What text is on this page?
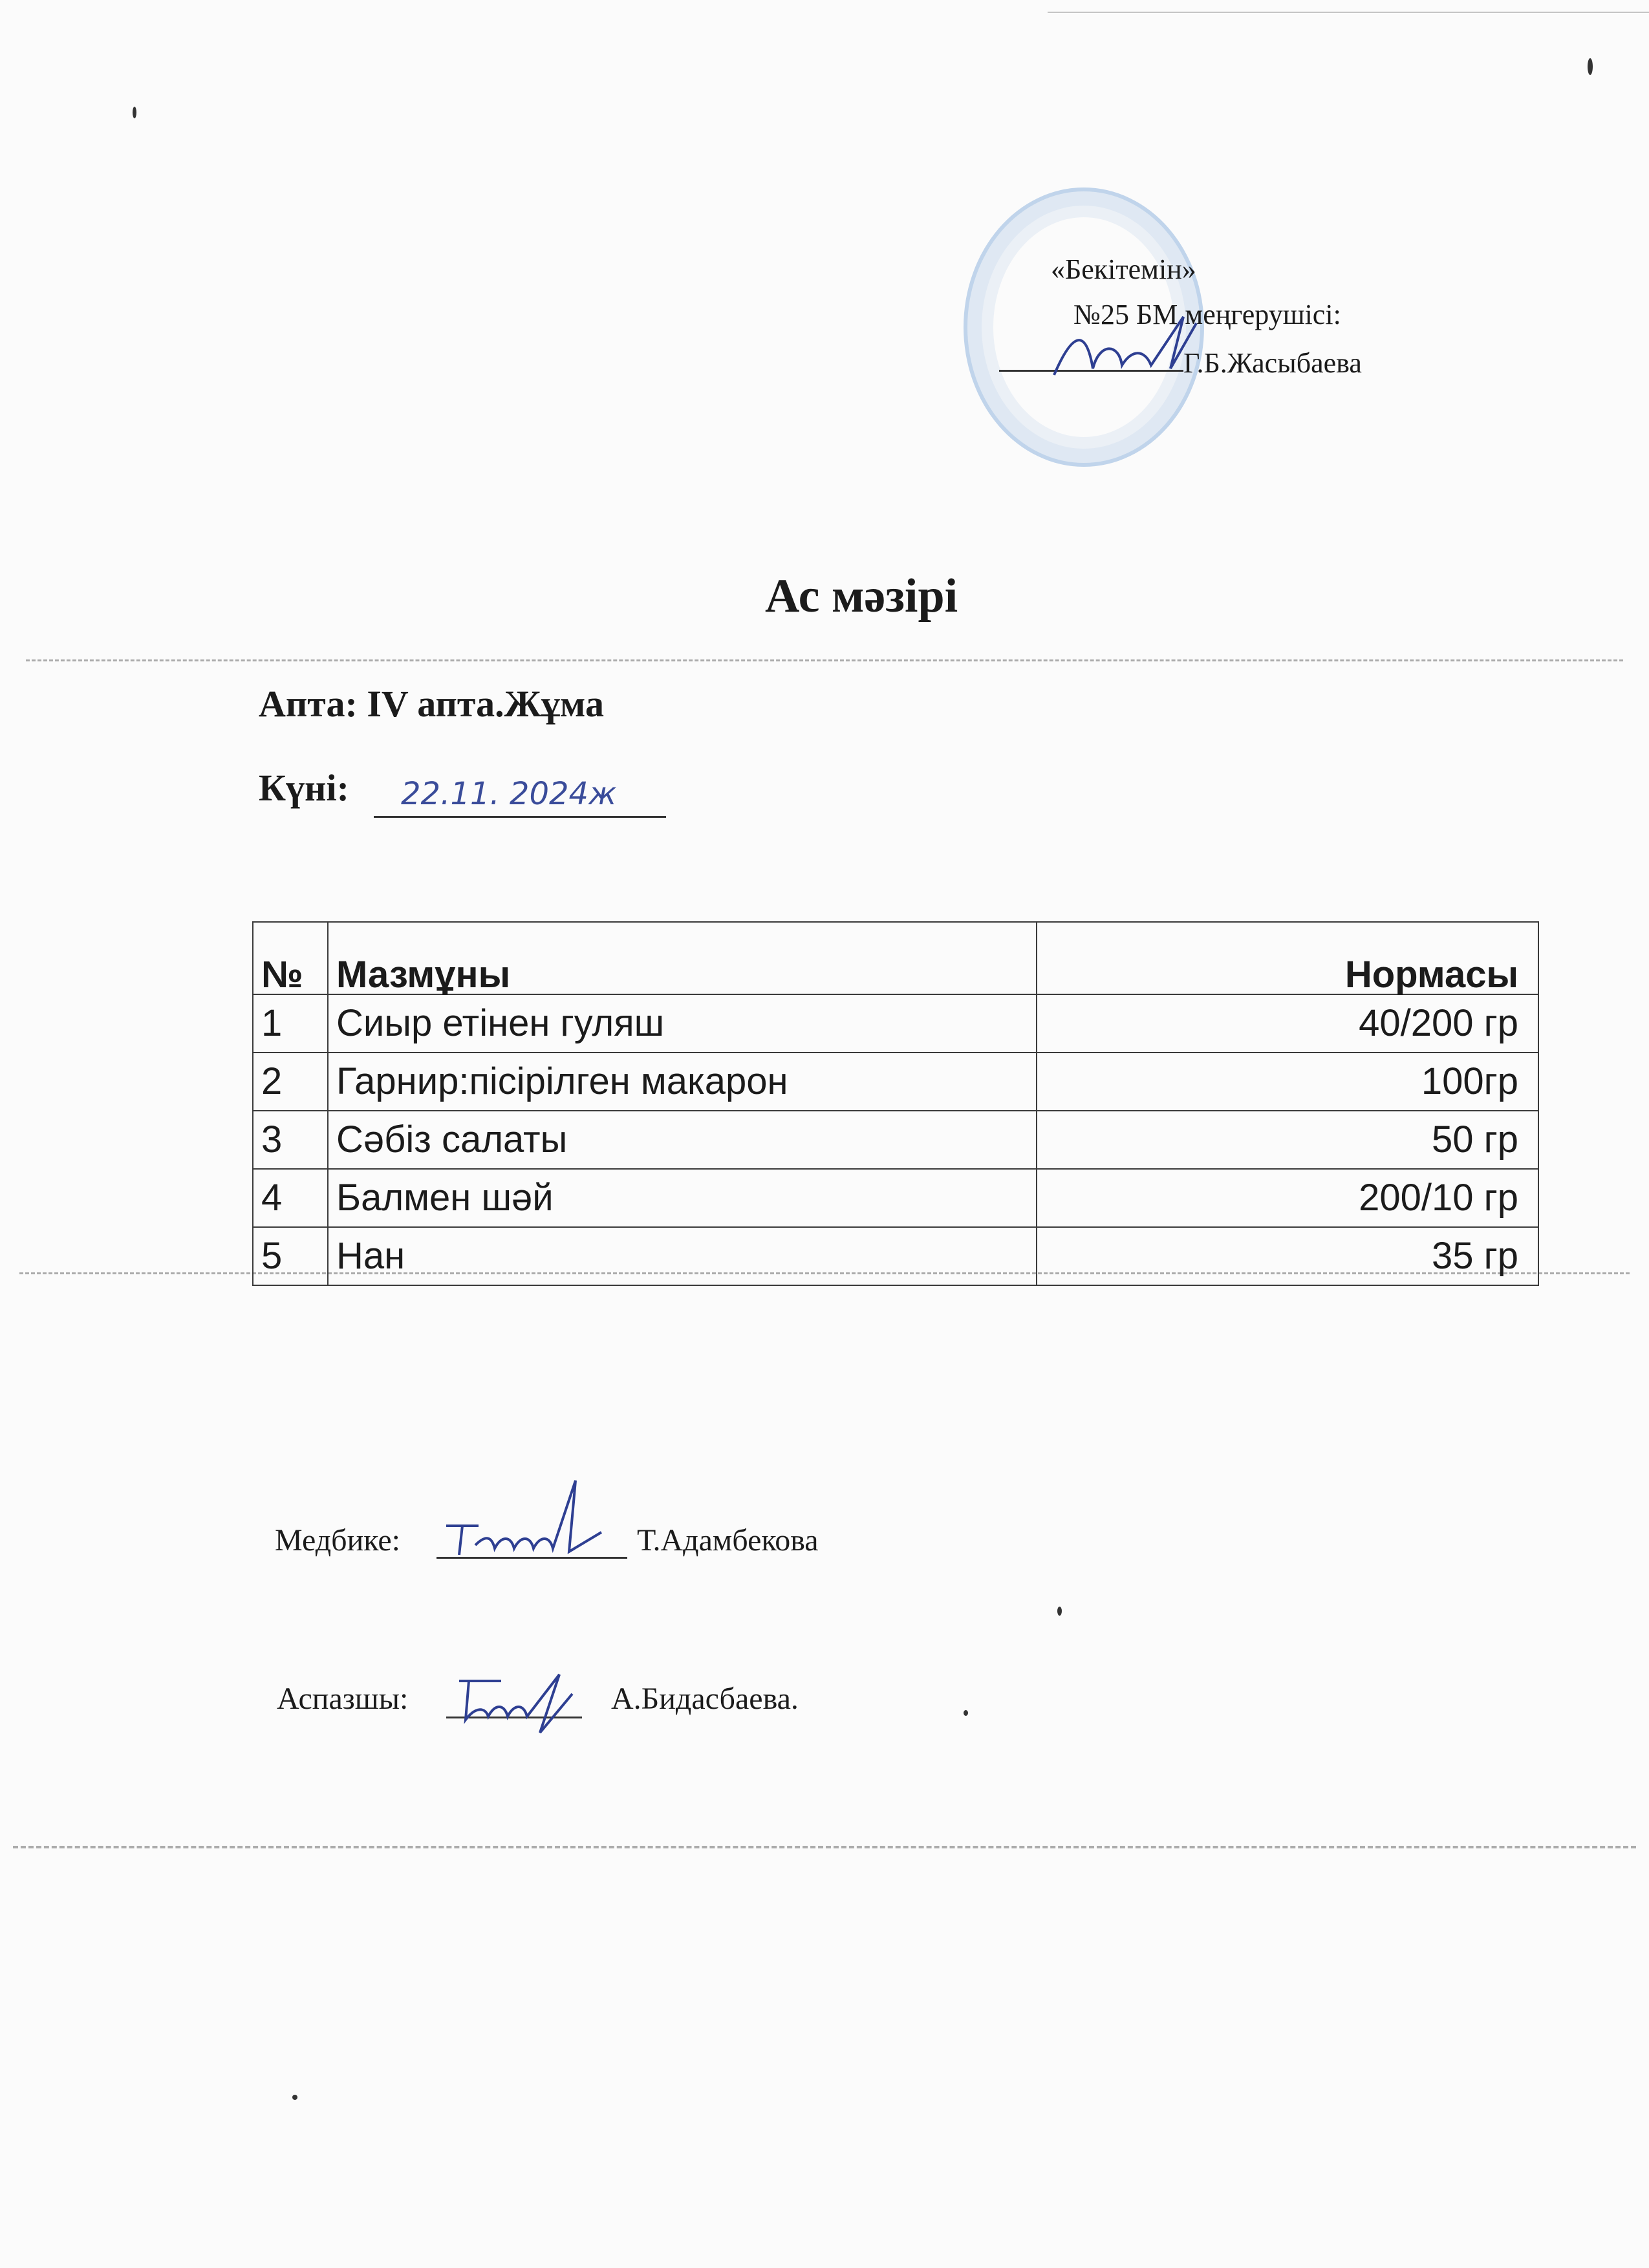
«Бекітемін»
№25 БМ меңгерушісі:
Г.Б.Жасыбаева
Ас мәзірі
Апта: IV апта.Жұма
Күні: 22.11. 2024ж
№	Мазмұны	Нормасы
1	Сиыр етінен гуляш	40/200 гр
2	Гарнир:пісірілген макарон	100гр
3	Сәбіз салаты	50 гр
4	Балмен шәй	200/10 гр
5	Нан	35 гр
Медбике:	Т.Адамбекова
Аспазшы:	А.Бидасбаева.
